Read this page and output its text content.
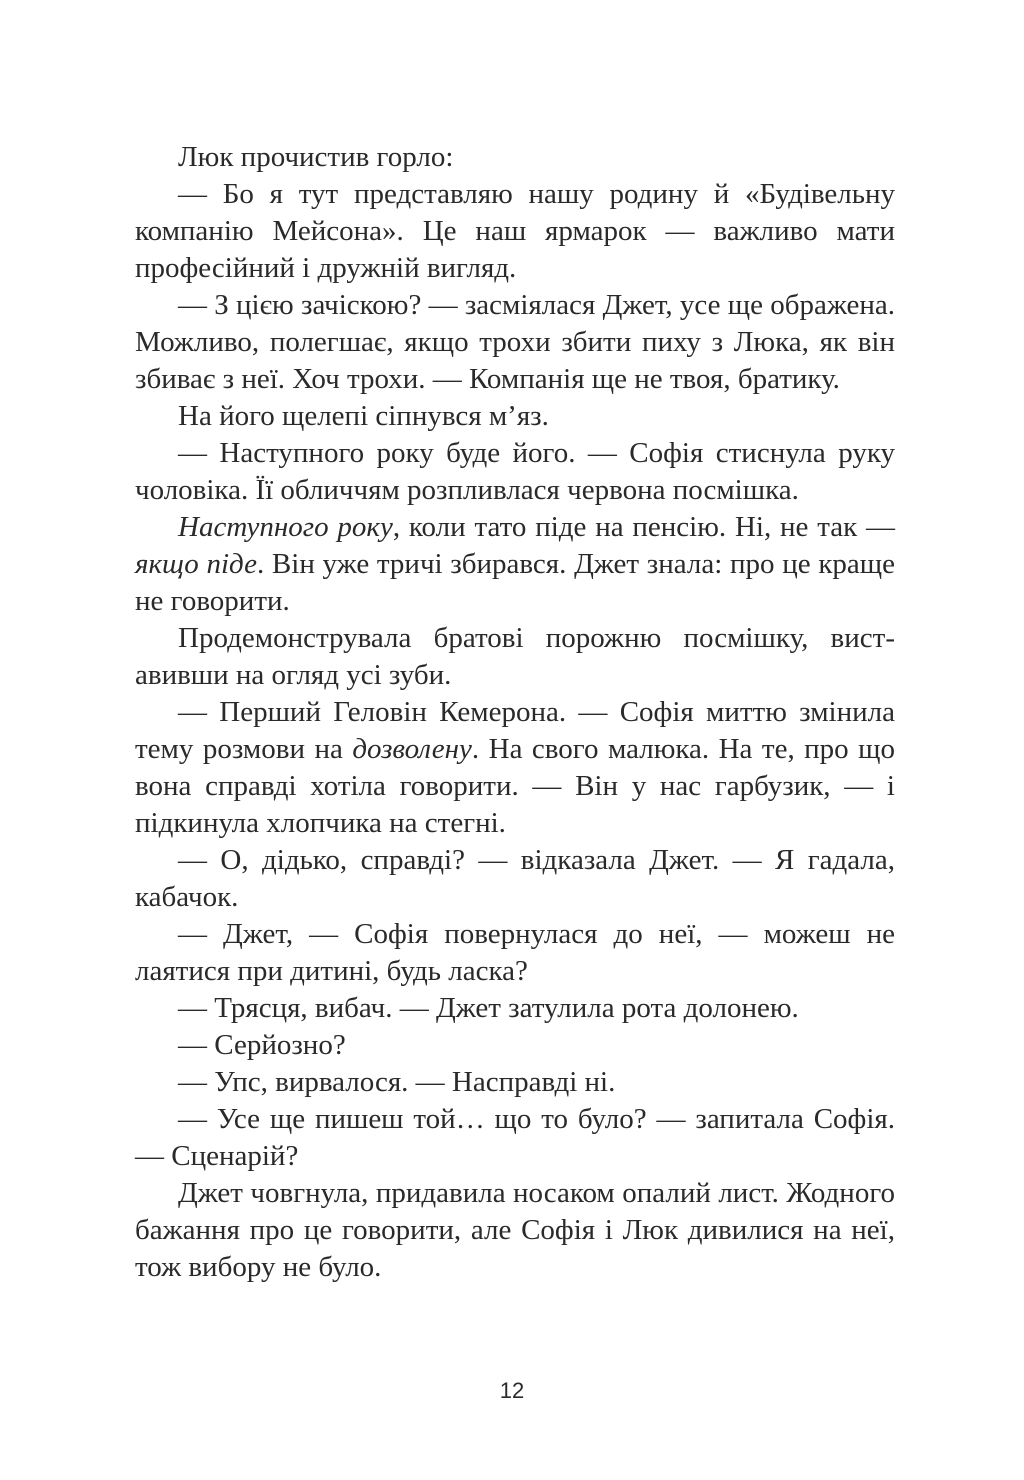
Люк прочистив горло:

— Бо я тут представляю нашу родину й «Будівельну компанію Мейсона». Це наш ярмарок — важливо мати професійний і дружній вигляд.

— З цією зачіскою? — засміялася Джет, усе ще ображена. Можливо, полегшає, якщо трохи збити пиху з Люка, як він збиває з неї. Хоч трохи. — Компанія ще не твоя, братику.

На його щелепі сіпнувся м’яз.

— Наступного року буде його. — Софія стиснула руку чоловіка. Її обличчям розпливлася червона посмішка.

Наступного року, коли тато піде на пенсію. Ні, не так — якщо піде. Він уже тричі збирався. Джет знала: про це краще не говорити.

Продемонструвала братові порожню посмішку, виставивши на огляд усі зуби.

— Перший Геловін Кемерона. — Софія миттю змінила тему розмови на дозволену. На свого малюка. На те, про що вона справді хотіла говорити. — Він у нас гарбузик, — і підкинула хлопчика на стегні.

— О, дідько, справді? — відказала Джет. — Я гадала, кабачок.

— Джет, — Софія повернулася до неї, — можеш не лаятися при дитині, будь ласка?

— Трясця, вибач. — Джет затулила рота долонею.

— Серйозно?

— Упс, вирвалося. — Насправді ні.

— Усе ще пишеш той… що то було? — запитала Софія. — Сценарій?

Джет човгнула, придавила носаком опалий лист. Жодного бажання про це говорити, але Софія і Люк дивилися на неї, тож вибору не було.

12
